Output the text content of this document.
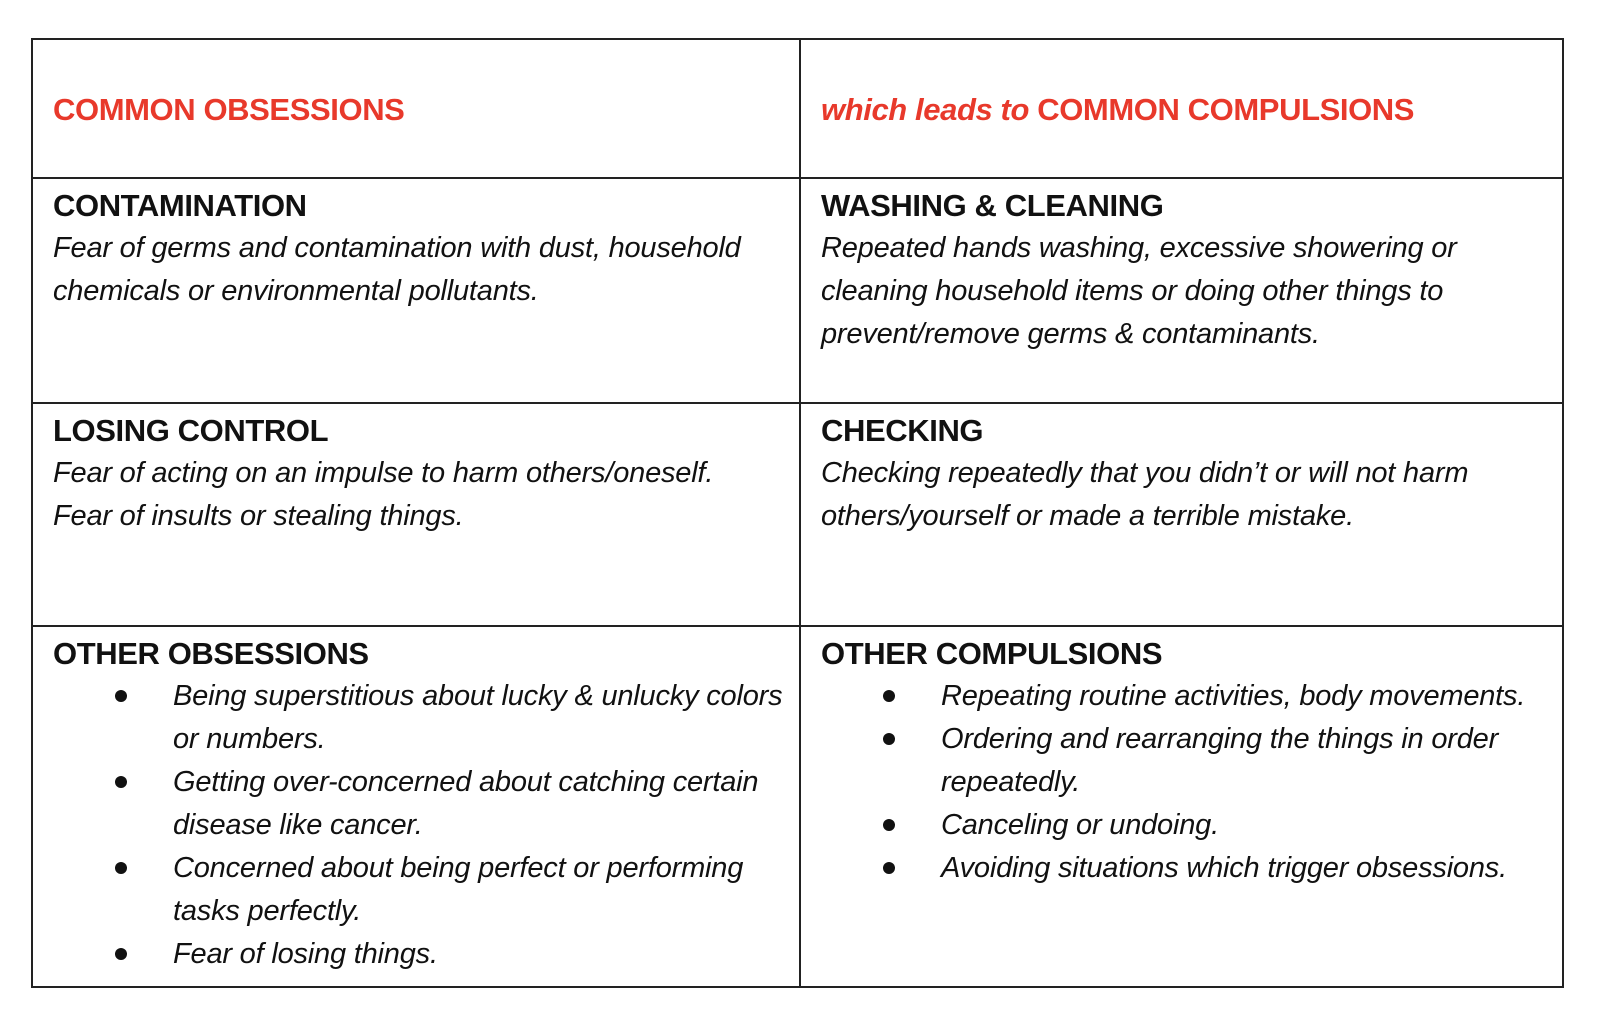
COMMON OBSESSIONS	which leads to COMMON COMPULSIONS
CONTAMINATION

Fear of germs and contamination with dust, household chemicals or environmental pollutants.

WASHING & CLEANING

Repeated hands washing, excessive showering or cleaning household items or doing other things to prevent/remove germs & contaminants.

LOSING CONTROL

Fear of acting on an impulse to harm others/oneself.

Fear of insults or stealing things.

CHECKING

Checking repeatedly that you didn’t or will not harm others/yourself or made a terrible mistake.

OTHER OBSESSIONS
Being superstitious about lucky & unlucky colors or numbers.
Getting over-concerned about catching certain disease like cancer.
Concerned about being perfect or performing tasks perfectly.
Fear of losing things.
OTHER COMPULSIONS
Repeating routine activities, body movements.
Ordering and rearranging the things in order repeatedly.
Canceling or undoing.
Avoiding situations which trigger obsessions.
